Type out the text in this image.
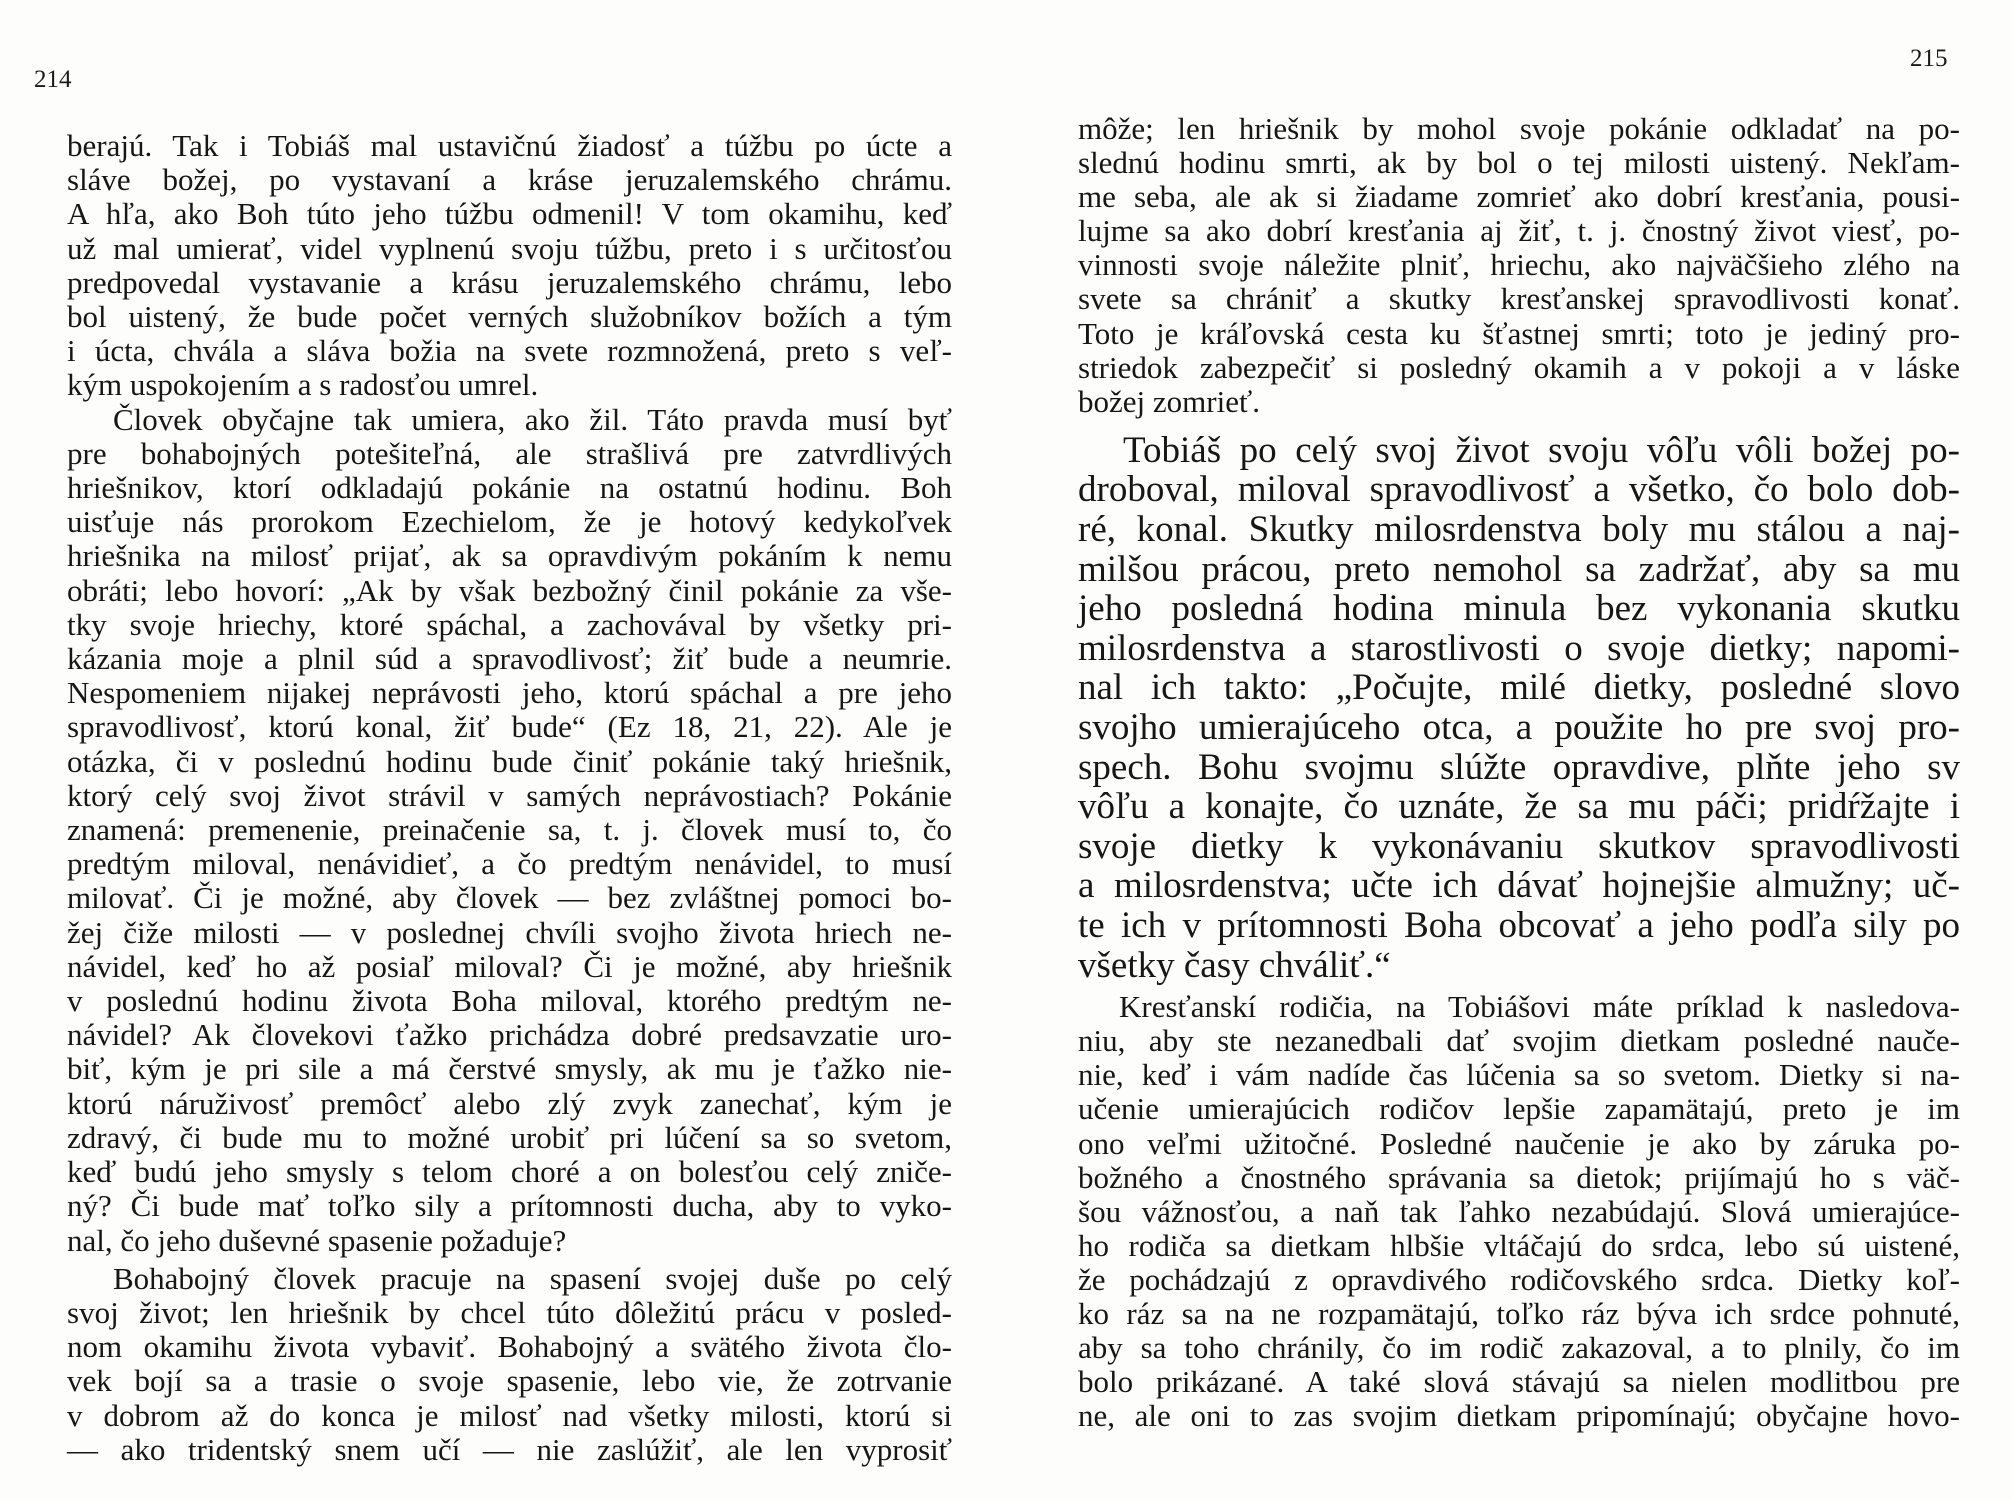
214
berajú. Tak i Tobiáš mal ustavičnú žiadosť a túžbu po úcte a
sláve božej, po vystavaní a kráse jeruzalemského chrámu.
A hľa, ako Boh túto jeho túžbu odmenil! V tom okamihu, keď
už mal umierať, videl vyplnenú svoju túžbu, preto i s určitosťou
predpovedal vystavanie a krásu jeruzalemského chrámu, lebo
bol uistený, že bude počet verných služobníkov božích a tým
i úcta, chvála a sláva božia na svete rozmnožená, preto s veľ-
kým uspokojením a s radosťou umrel.
Človek obyčajne tak umiera, ako žil. Táto pravda musí byť
pre bohabojných potešiteľná, ale strašlivá pre zatvrdlivých
hriešnikov, ktorí odkladajú pokánie na ostatnú hodinu. Boh
uisťuje nás prorokom Ezechielom, že je hotový kedykoľvek
hriešnika na milosť prijať, ak sa opravdivým pokáním k nemu
obráti; lebo hovorí: „Ak by však bezbožný činil pokánie za vše-
tky svoje hriechy, ktoré spáchal, a zachovával by všetky pri-
kázania moje a plnil súd a spravodlivosť; žiť bude a neumrie.
Nespomeniem nijakej neprávosti jeho, ktorú spáchal a pre jeho
spravodlivosť, ktorú konal, žiť bude“ (Ez 18, 21, 22). Ale je
otázka, či v poslednú hodinu bude činiť pokánie taký hriešnik,
ktorý celý svoj život strávil v samých neprávostiach? Pokánie
znamená: premenenie, preinačenie sa, t. j. človek musí to, čo
predtým miloval, nenávidieť, a čo predtým nenávidel, to musí
milovať. Či je možné, aby človek — bez zvláštnej pomoci bo-
žej čiže milosti — v poslednej chvíli svojho života hriech ne-
návidel, keď ho až posiaľ miloval? Či je možné, aby hriešnik
v poslednú hodinu života Boha miloval, ktorého predtým ne-
návidel? Ak človekovi ťažko prichádza dobré predsavzatie uro-
biť, kým je pri sile a má čerstvé smysly, ak mu je ťažko nie-
ktorú náruživosť premôcť alebo zlý zvyk zanechať, kým je
zdravý, či bude mu to možné urobiť pri lúčení sa so svetom,
keď budú jeho smysly s telom choré a on bolesťou celý zniče-
ný? Či bude mať toľko sily a prítomnosti ducha, aby to vyko-
nal, čo jeho duševné spasenie požaduje?
Bohabojný človek pracuje na spasení svojej duše po celý
svoj život; len hriešnik by chcel túto dôležitú prácu v posled-
nom okamihu života vybaviť. Bohabojný a svätého života člo-
vek bojí sa a trasie o svoje spasenie, lebo vie, že zotrvanie
v dobrom až do konca je milosť nad všetky milosti, ktorú si
— ako tridentský snem učí — nie zaslúžiť, ale len vyprosiť
215
môže; len hriešnik by mohol svoje pokánie odkladať na po-
slednú hodinu smrti, ak by bol o tej milosti uistený. Nekľam-
me seba, ale ak si žiadame zomrieť ako dobrí kresťania, pousi-
lujme sa ako dobrí kresťania aj žiť, t. j. čnostný život viesť, po-
vinnosti svoje náležite plniť, hriechu, ako najväčšieho zlého na
svete sa chrániť a skutky kresťanskej spravodlivosti konať.
Toto je kráľovská cesta ku šťastnej smrti; toto je jediný pro-
striedok zabezpečiť si posledný okamih a v pokoji a v láske
božej zomrieť.
Tobiáš po celý svoj život svoju vôľu vôli božej po-
droboval, miloval spravodlivosť a všetko, čo bolo dob-
ré, konal. Skutky milosrdenstva boly mu stálou a naj-
milšou prácou, preto nemohol sa zadržať, aby sa mu
jeho posledná hodina minula bez vykonania skutku
milosrdenstva a starostlivosti o svoje dietky; napomi-
nal ich takto: „Počujte, milé dietky, posledné slovo
svojho umierajúceho otca, a použite ho pre svoj pro-
spech. Bohu svojmu slúžte opravdive, plňte jeho sv
vôľu a konajte, čo uznáte, že sa mu páči; pridŕžajte i
svoje dietky k vykonávaniu skutkov spravodlivosti
a milosrdenstva; učte ich dávať hojnejšie almužny; uč-
te ich v prítomnosti Boha obcovať a jeho podľa sily po
všetky časy chváliť.“
Kresťanskí rodičia, na Tobiášovi máte príklad k nasledova-
niu, aby ste nezanedbali dať svojim dietkam posledné nauče-
nie, keď i vám nadíde čas lúčenia sa so svetom. Dietky si na-
učenie umierajúcich rodičov lepšie zapamätajú, preto je im
ono veľmi užitočné. Posledné naučenie je ako by záruka po-
božného a čnostného správania sa dietok; prijímajú ho s väč-
šou vážnosťou, a naň tak ľahko nezabúdajú. Slová umierajúce-
ho rodiča sa dietkam hlbšie vltáčajú do srdca, lebo sú uistené,
že pochádzajú z opravdivého rodičovského srdca. Dietky koľ-
ko ráz sa na ne rozpamätajú, toľko ráz býva ich srdce pohnuté,
aby sa toho chránily, čo im rodič zakazoval, a to plnily, čo im
bolo prikázané. A také slová stávajú sa nielen modlitbou pre
ne, ale oni to zas svojim dietkam pripomínajú; obyčajne hovo-
